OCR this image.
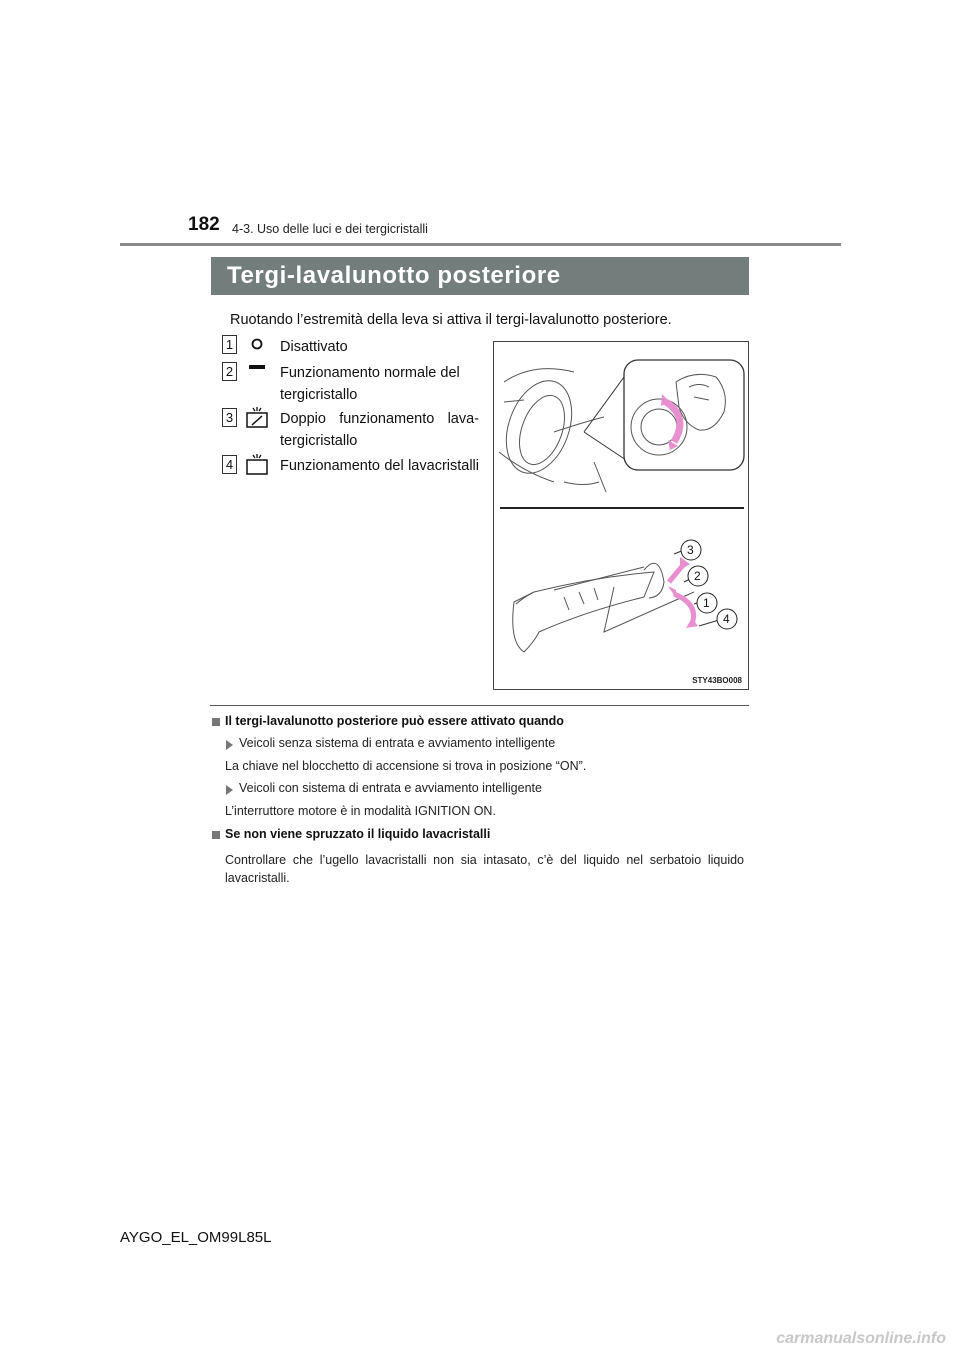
182 4-3. Uso delle luci e dei tergicristalli
Tergi-lavalunotto posteriore
Ruotando l’estremità della leva si attiva il tergi-lavalunotto posteriore.
1	Disattivato
2	Funzionamento normale del tergicristallo
3	Doppio funzionamento lava-tergicristallo
4	Funzionamento del lavacristalli
3
2
1
4
STY43BO008
Il tergi-lavalunotto posteriore può essere attivato quando
Veicoli senza sistema di entrata e avviamento intelligente
La chiave nel blocchetto di accensione si trova in posizione “ON”.
Veicoli con sistema di entrata e avviamento intelligente
L’interruttore motore è in modalità IGNITION ON.
Se non viene spruzzato il liquido lavacristalli
Controllare che l’ugello lavacristalli non sia intasato, c’è del liquido nel serbatoio liquido lavacristalli.
AYGO_EL_OM99L85L
carmanualsonline.info
